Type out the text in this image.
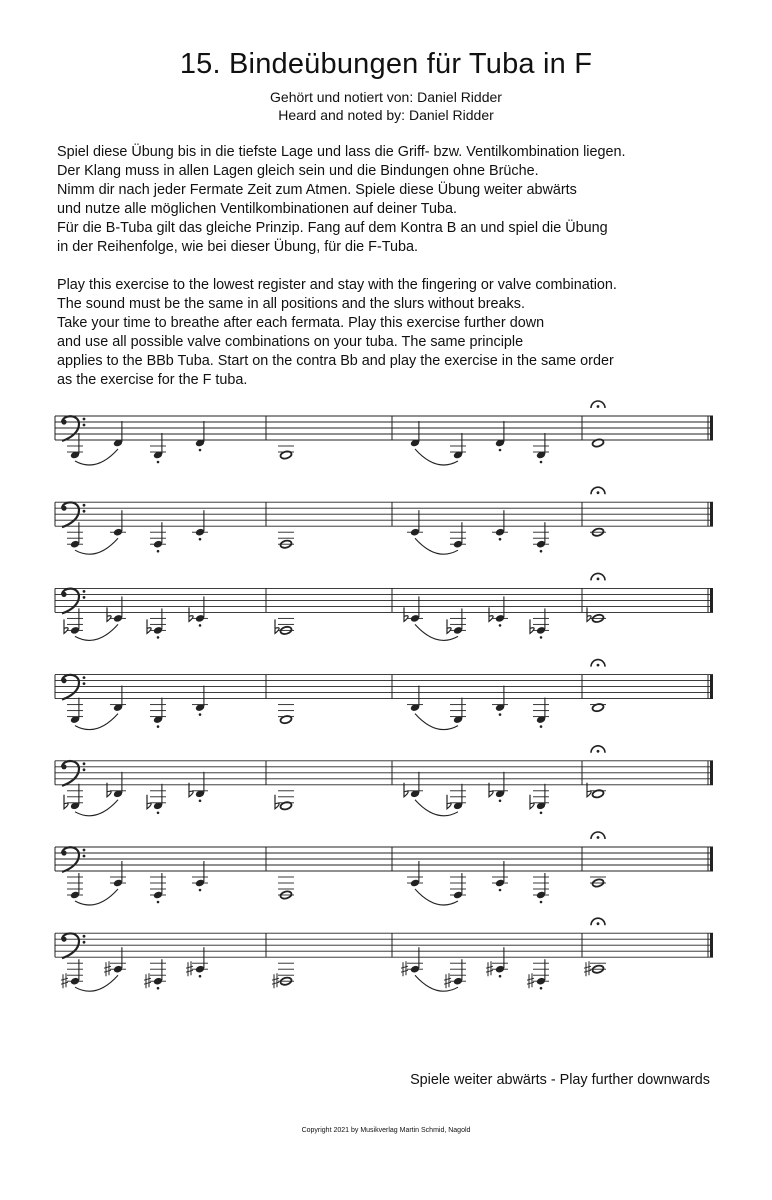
15. Bindeübungen für Tuba in F
Gehört und notiert von: Daniel Ridder
Heard and noted by: Daniel Ridder
Spiel diese Übung bis in die tiefste Lage und lass die Griff- bzw. Ventilkombination liegen.
Der Klang muss in allen Lagen gleich sein und die Bindungen ohne Brüche.
Nimm dir nach jeder Fermate Zeit zum Atmen. Spiele diese Übung weiter abwärts
und nutze alle möglichen Ventilkombinationen auf deiner Tuba.
Für die B-Tuba gilt das gleiche Prinzip. Fang auf dem Kontra B an und spiel die Übung
in der Reihenfolge, wie bei dieser Übung, für die F-Tuba.
Play this exercise to the lowest register and stay with the fingering or valve combination.
The sound must be the same in all positions and the slurs without breaks.
Take your time to breathe after each fermata. Play this exercise further down
and use all possible valve combinations on your tuba. The same principle
applies to the BBb Tuba. Start on the contra Bb and play the exercise in the same order
as the exercise for the F tuba.
Spiele weiter abwärts - Play further downwards
Copyright 2021 by Musikverlag Martin Schmid, Nagold
